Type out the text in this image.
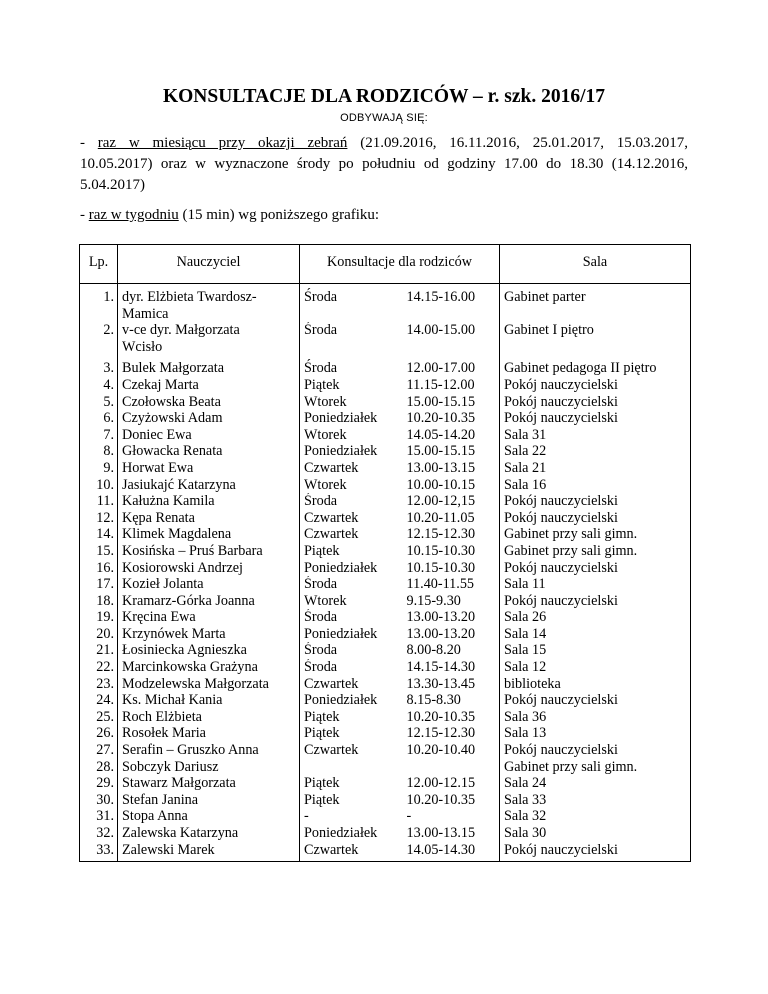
KONSULTACJE DLA RODZICÓW – r. szk. 2016/17
ODBYWAJĄ SIĘ:
- raz w miesiącu przy okazji zebrań (21.09.2016, 16.11.2016, 25.01.2017, 15.03.2017,
10.05.2017) oraz w wyznaczone środy po południu od godziny 17.00 do 18.30 (14.12.2016,
5.04.2017)
- raz w tygodniu (15 min) wg poniższego grafiku:
Lp.	Nauczyciel	Konsultacje dla rodziców		Sala
1.	dyr. Elżbieta Twardosz-
Mamica	Środa	14.15-16.00	Gabinet parter
2.	v-ce dyr. Małgorzata
Wcisło	Środa	14.00-15.00	Gabinet I piętro
3.	Bulek Małgorzata	Środa	12.00-17.00	Gabinet pedagoga II piętro
4.	Czekaj Marta	Piątek	11.15-12.00	Pokój nauczycielski
5.	Czołowska Beata	Wtorek	15.00-15.15	Pokój nauczycielski
6.	Czyżowski Adam	Poniedziałek	10.20-10.35	Pokój nauczycielski
7.	Doniec Ewa	Wtorek	14.05-14.20	Sala 31
8.	Głowacka Renata	Poniedziałek	15.00-15.15	Sala 22
9.	Horwat Ewa	Czwartek	13.00-13.15	Sala 21
10.	Jasiukajć Katarzyna	Wtorek	10.00-10.15	Sala 16
11.	Kałużna Kamila	Środa	12.00-12,15	Pokój nauczycielski
12.	Kępa Renata	Czwartek	10.20-11.05	Pokój nauczycielski
14.	Klimek Magdalena	Czwartek	12.15-12.30	Gabinet przy sali gimn.
15.	Kosińska – Pruś Barbara	Piątek	10.15-10.30	Gabinet przy sali gimn.
16.	Kosiorowski Andrzej	Poniedziałek	10.15-10.30	Pokój nauczycielski
17.	Kozieł Jolanta	Środa	11.40-11.55	Sala 11
18.	Kramarz-Górka Joanna	Wtorek	9.15-9.30	Pokój nauczycielski
19.	Kręcina Ewa	Środa	13.00-13.20	Sala 26
20.	Krzynówek Marta	Poniedziałek	13.00-13.20	Sala 14
21.	Łosiniecka Agnieszka	Środa	8.00-8.20	Sala 15
22.	Marcinkowska Grażyna	Środa	14.15-14.30	Sala 12
23.	Modzelewska Małgorzata	Czwartek	13.30-13.45	biblioteka
24.	Ks. Michał Kania	Poniedziałek	8.15-8.30	Pokój nauczycielski
25.	Roch Elżbieta	Piątek	10.20-10.35	Sala 36
26.	Rosołek Maria	Piątek	12.15-12.30	Sala 13
27.	Serafin – Gruszko Anna	Czwartek	10.20-10.40	Pokój nauczycielski
28.	Sobczyk Dariusz			Gabinet przy sali gimn.
29.	Stawarz Małgorzata	Piątek	12.00-12.15	Sala 24
30.	Stefan Janina	Piątek	10.20-10.35	Sala 33
31.	Stopa Anna	-	-	Sala 32
32.	Zalewska Katarzyna	Poniedziałek	13.00-13.15	Sala 30
33.	Zalewski Marek	Czwartek	14.05-14.30	Pokój nauczycielski
